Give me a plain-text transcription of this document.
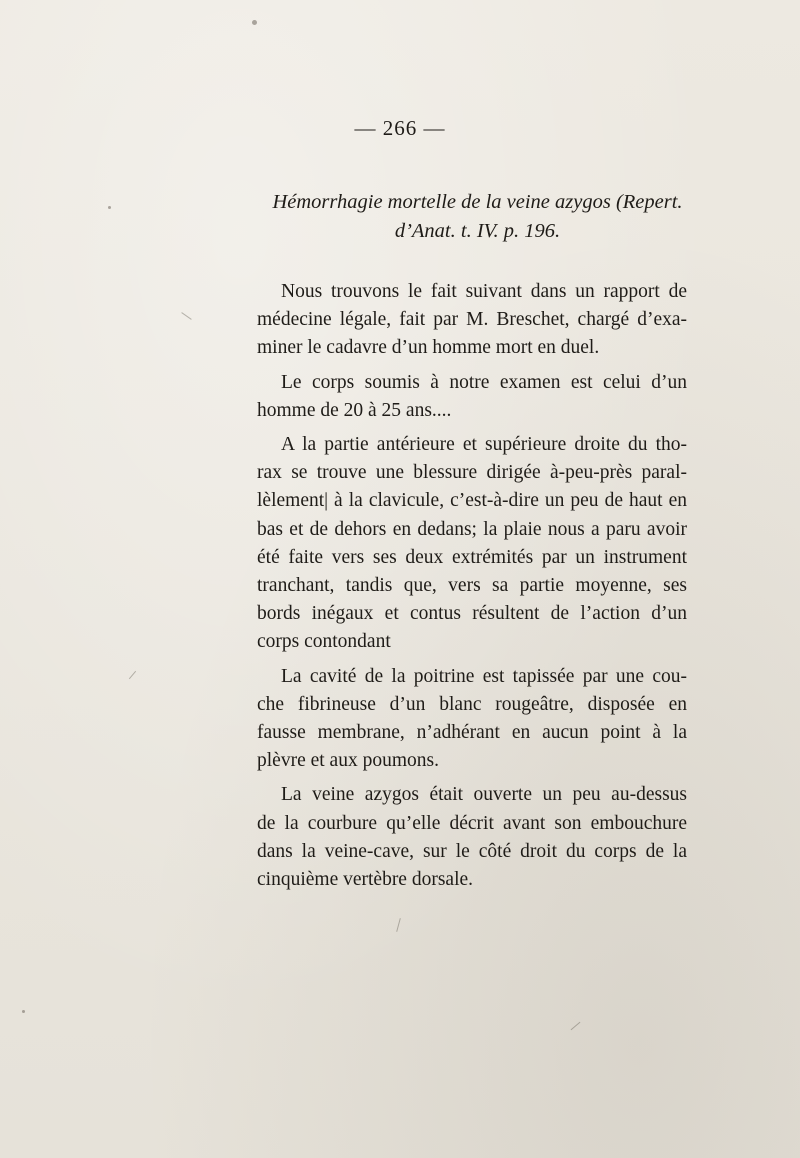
— 266 —
Hémorrhagie mortelle de la veine azygos (Repert.
d’Anat. t. IV. p. 196.
Nous trouvons le fait suivant dans un rapport de
médecine légale, fait par M. Breschet, chargé d’exa-
miner le cadavre d’un homme mort en duel.
Le corps soumis à notre examen est celui d’un
homme de 20 à 25 ans....
A la partie antérieure et supérieure droite du tho-
rax se trouve une blessure dirigée à-peu-près paral-
lèlement| à la clavicule, c’est-à-dire un peu de haut en
bas et de dehors en dedans; la plaie nous a paru avoir
été faite vers ses deux extrémités par un instrument
tranchant, tandis que, vers sa partie moyenne, ses
bords inégaux et contus résultent de l’action d’un
corps contondant
La cavité de la poitrine est tapissée par une cou-
che fibrineuse d’un blanc rougeâtre, disposée en
fausse membrane, n’adhérant en aucun point à la
plèvre et aux poumons.
La veine azygos était ouverte un peu au-dessus
de la courbure qu’elle décrit avant son embouchure
dans la veine-cave, sur le côté droit du corps de la
cinquième vertèbre dorsale.
